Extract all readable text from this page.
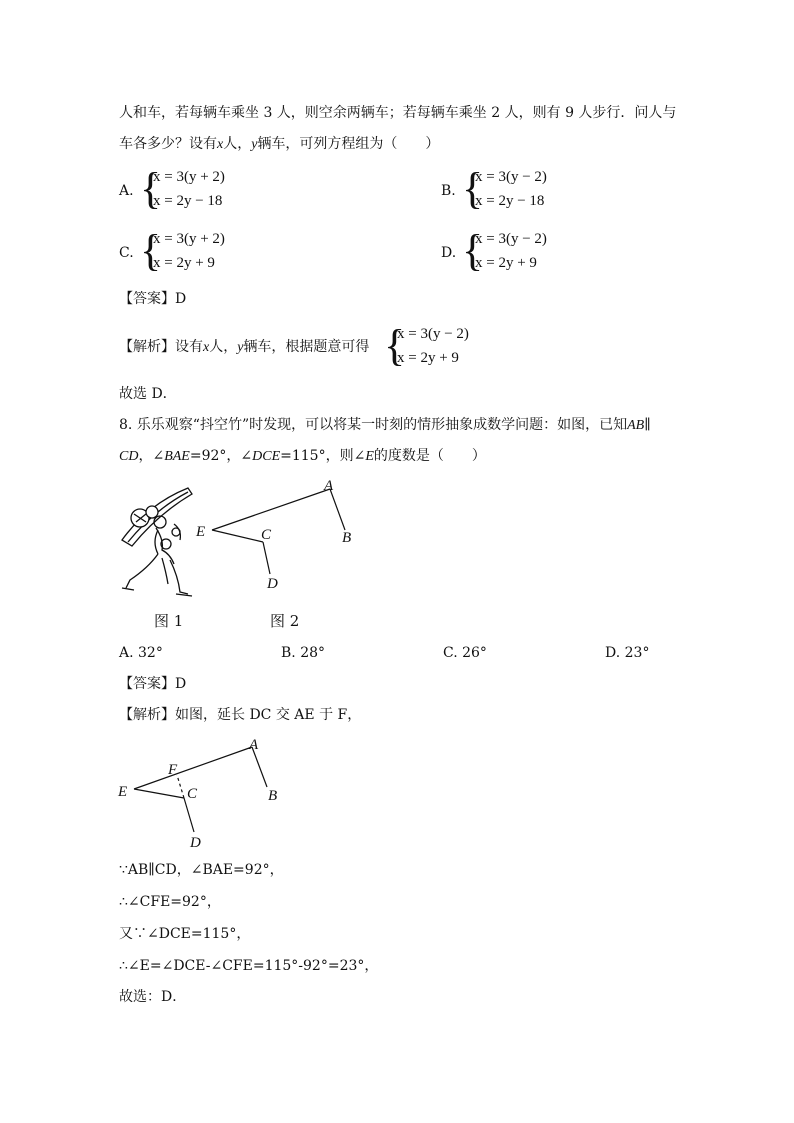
人和车，若每辆车乘坐 3 人，则空余两辆车；若每辆车乘坐 2 人，则有 9 人步行．问人与
车各多少？设有x人，y辆车，可列方程组为（　　）
A. {
x = 3(y + 2)
x = 2y − 18
B. {
x = 3(y − 2)
x = 2y − 18
C. {
x = 3(y + 2)
x = 2y + 9
D. {
x = 3(y − 2)
x = 2y + 9
【答案】D
【解析】设有x人，y辆车，根据题意可得 {
x = 3(y − 2)
x = 2y + 9
故选 D．
8. 乐乐观察“抖空竹”时发现，可以将某一时刻的情形抽象成数学问题：如图，已知AB∥
CD，∠BAE=92°，∠DCE=115°，则∠E的度数是（　　）
A
B
C
D
E
图 1	图 2
A. 32°	B. 28°	C. 26°	D. 23°
【答案】D
【解析】如图，延长 DC 交 AE 于 F，
A
B
C
D
E
F
∵AB∥CD，∠BAE=92°，
∴∠CFE=92°，
又∵∠DCE=115°，
∴∠E=∠DCE-∠CFE=115°-92°=23°，
故选：D．
